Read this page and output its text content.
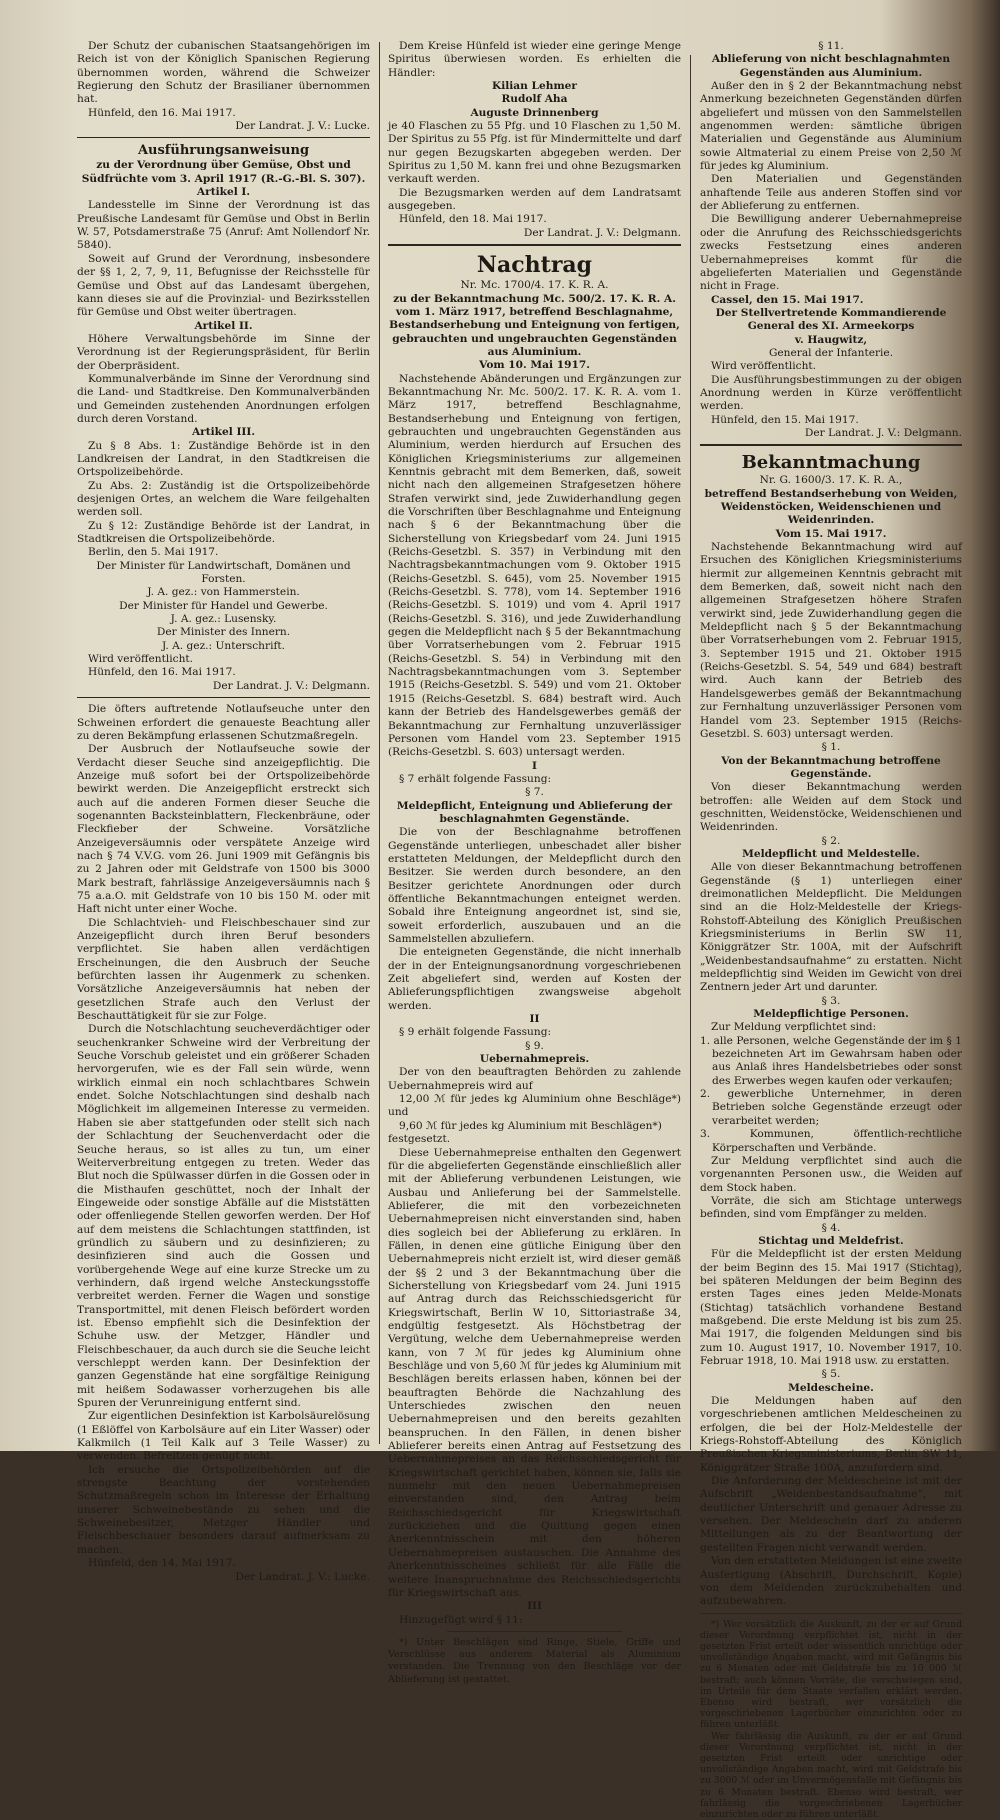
Der Schutz der cubanischen Staatsangehörigen im Reich ist von der Königlich Spanischen Regierung übernommen worden, während die Schweizer Regierung den Schutz der Brasilianer übernommen hat.

Hünfeld, den 16. Mai 1917.

Der Landrat. J. V.: Lucke.

Ausführungsanweisung

zu der Verordnung über Gemüse, Obst und Südfrüchte vom 3. April 1917 (R.-G.-Bl. S. 307).

Artikel I.

Landesstelle im Sinne der Verordnung ist das Preußische Landesamt für Gemüse und Obst in Berlin W. 57, Potsdamerstraße 75 (Anruf: Amt Nollendorf Nr. 5840).

Soweit auf Grund der Verordnung, insbesondere der §§ 1, 2, 7, 9, 11, Befugnisse der Reichsstelle für Gemüse und Obst auf das Landesamt übergehen, kann dieses sie auf die Provinzial- und Bezirksstellen für Gemüse und Obst weiter übertragen.

Artikel II.

Höhere Verwaltungsbehörde im Sinne der Verordnung ist der Regierungspräsident, für Berlin der Oberpräsident.

Kommunalverbände im Sinne der Verordnung sind die Land- und Stadtkreise. Den Kommunalverbänden und Gemeinden zustehenden Anordnungen erfolgen durch deren Vorstand.

Artikel III.

Zu § 8 Abs. 1: Zuständige Behörde ist in den Landkreisen der Landrat, in den Stadtkreisen die Ortspolizeibehörde.

Zu Abs. 2: Zuständig ist die Ortspolizeibehörde desjenigen Ortes, an welchem die Ware feilgehalten werden soll.

Zu § 12: Zuständige Behörde ist der Landrat, in Stadtkreisen die Ortspolizeibehörde.

Berlin, den 5. Mai 1917.

Der Minister für Landwirtschaft, Domänen und Forsten.

J. A. gez.: von Hammerstein.

Der Minister für Handel und Gewerbe.

J. A. gez.: Lusensky.

Der Minister des Innern.

J. A. gez.: Unterschrift.

Wird veröffentlicht.

Hünfeld, den 16. Mai 1917.

Der Landrat. J. V.: Delgmann.

Die öfters auftretende Notlaufseuche unter den Schweinen erfordert die genaueste Beachtung aller zu deren Bekämpfung erlassenen Schutzmaßregeln.

Der Ausbruch der Notlaufseuche sowie der Verdacht dieser Seuche sind anzeigepflichtig. Die Anzeige muß sofort bei der Ortspolizeibehörde bewirkt werden. Die Anzeigepflicht erstreckt sich auch auf die anderen Formen dieser Seuche die sogenannten Backsteinblattern, Fleckenbräune, oder Fleckfieber der Schweine. Vorsätzliche Anzeigeversäumnis oder verspätete Anzeige wird nach § 74 V.V.G. vom 26. Juni 1909 mit Gefängnis bis zu 2 Jahren oder mit Geldstrafe von 1500 bis 3000 Mark bestraft, fahrlässige Anzeigeversäumnis nach § 75 a.a.O. mit Geldstrafe von 10 bis 150 M. oder mit Haft nicht unter einer Woche.

Die Schlachtvieh- und Fleischbeschauer sind zur Anzeigepflicht durch ihren Beruf besonders verpflichtet. Sie haben allen verdächtigen Erscheinungen, die den Ausbruch der Seuche befürchten lassen ihr Augenmerk zu schenken. Vorsätzliche Anzeigeversäumnis hat neben der gesetzlichen Strafe auch den Verlust der Beschauttätigkeit für sie zur Folge.

Durch die Notschlachtung seucheverdächtiger oder seuchenkranker Schweine wird der Verbreitung der Seuche Vorschub geleistet und ein größerer Schaden hervorgerufen, wie es der Fall sein würde, wenn wirklich einmal ein noch schlachtbares Schwein endet. Solche Notschlachtungen sind deshalb nach Möglichkeit im allgemeinen Interesse zu vermeiden. Haben sie aber stattgefunden oder stellt sich nach der Schlachtung der Seuchenverdacht oder die Seuche heraus, so ist alles zu tun, um einer Weiterverbreitung entgegen zu treten. Weder das Blut noch die Spülwasser dürfen in die Gossen oder in die Misthaufen geschüttet, noch der Inhalt der Eingeweide oder sonstige Abfälle auf die Miststätten oder offenliegende Stellen geworfen werden. Der Hof auf dem meistens die Schlachtungen stattfinden, ist gründlich zu säubern und zu desinfizieren; zu desinfizieren sind auch die Gossen und vorübergehende Wege auf eine kurze Strecke um zu verhindern, daß irgend welche Ansteckungsstoffe verbreitet werden. Ferner die Wagen und sonstige Transportmittel, mit denen Fleisch befördert worden ist. Ebenso empfiehlt sich die Desinfektion der Schuhe usw. der Metzger, Händler und Fleischbeschauer, da auch durch sie die Seuche leicht verschleppt werden kann. Der Desinfektion der ganzen Gegenstände hat eine sorgfältige Reinigung mit heißem Sodawasser vorherzugehen bis alle Spuren der Verunreinigung entfernt sind.

Zur eigentlichen Desinfektion ist Karbolsäurelösung (1 Eßlöffel von Karbolsäure auf ein Liter Wasser) oder Kalkmilch (1 Teil Kalk auf 3 Teile Wasser) zu verwenden. Befreitzen genügt nicht.

Ich ersuche die Ortspolizeibehörden auf die strengste Beachtung der vorstehenden Schutzmaßregeln schon im Interesse der Erhaltung unserer Schweinebestände zu sehen und die Schweinebesitzer, Metzger Händler und Fleischbeschauer besonders darauf aufmerksam zu machen.

Hünfeld, den 14. Mai 1917.

Der Landrat. J. V.: Lucke.

Dem Kreise Hünfeld ist wieder eine geringe Menge Spiritus überwiesen worden. Es erhielten die Händler:

Kilian Lehmer

Rudolf Aha

Auguste Drinnenberg

je 40 Flaschen zu 55 Pfg. und 10 Flaschen zu 1,50 M. Der Spiritus zu 55 Pfg. ist für Mindermittelte und darf nur gegen Bezugskarten abgegeben werden. Der Spiritus zu 1,50 M. kann frei und ohne Bezugsmarken verkauft werden.

Die Bezugsmarken werden auf dem Landratsamt ausgegeben.

Hünfeld, den 18. Mai 1917.

Der Landrat. J. V.: Delgmann.

Nachtrag

Nr. Mc. 1700/4. 17. K. R. A.

zu der Bekanntmachung Mc. 500/2. 17. K. R. A. vom 1. März 1917, betreffend Beschlagnahme, Bestandserhebung und Enteignung von fertigen, gebrauchten und ungebrauchten Gegenständen aus Aluminium.

Vom 10. Mai 1917.

Nachstehende Abänderungen und Ergänzungen zur Bekanntmachung Nr. Mc. 500/2. 17. K. R. A. vom 1. März 1917, betreffend Beschlagnahme, Bestandserhebung und Enteignung von fertigen, gebrauchten und ungebrauchten Gegenständen aus Aluminium, werden hierdurch auf Ersuchen des Königlichen Kriegsministeriums zur allgemeinen Kenntnis gebracht mit dem Bemerken, daß, soweit nicht nach den allgemeinen Strafgesetzen höhere Strafen verwirkt sind, jede Zuwiderhandlung gegen die Vorschriften über Beschlagnahme und Enteignung nach § 6 der Bekanntmachung über die Sicherstellung von Kriegsbedarf vom 24. Juni 1915 (Reichs-Gesetzbl. S. 357) in Verbindung mit den Nachtragsbekanntmachungen vom 9. Oktober 1915 (Reichs-Gesetzbl. S. 645), vom 25. November 1915 (Reichs-Gesetzbl. S. 778), vom 14. September 1916 (Reichs-Gesetzbl. S. 1019) und vom 4. April 1917 (Reichs-Gesetzbl. S. 316), und jede Zuwiderhandlung gegen die Meldepflicht nach § 5 der Bekanntmachung über Vorratserhebungen vom 2. Februar 1915 (Reichs-Gesetzbl. S. 54) in Verbindung mit den Nachtragsbekanntmachungen vom 3. September 1915 (Reichs-Gesetzbl. S. 549) und vom 21. Oktober 1915 (Reichs-Gesetzbl. S. 684) bestraft wird. Auch kann der Betrieb des Handelsgewerbes gemäß der Bekanntmachung zur Fernhaltung unzuverlässiger Personen vom Handel vom 23. September 1915 (Reichs-Gesetzbl. S. 603) untersagt werden.

I

§ 7 erhält folgende Fassung:

§ 7.

Meldepflicht, Enteignung und Ablieferung der beschlagnahmten Gegenstände.

Die von der Beschlagnahme betroffenen Gegenstände unterliegen, unbeschadet aller bisher erstatteten Meldungen, der Meldepflicht durch den Besitzer. Sie werden durch besondere, an den Besitzer gerichtete Anordnungen oder durch öffentliche Bekanntmachungen enteignet werden. Sobald ihre Enteignung angeordnet ist, sind sie, soweit erforderlich, auszubauen und an die Sammelstellen abzuliefern.

Die enteigneten Gegenstände, die nicht innerhalb der in der Enteignungsanordnung vorgeschriebenen Zeit abgeliefert sind, werden auf Kosten der Ablieferungspflichtigen zwangsweise abgeholt werden.

II

§ 9 erhält folgende Fassung:

§ 9.

Uebernahmepreis.

Der von den beauftragten Behörden zu zahlende Uebernahmepreis wird auf

12,00 ℳ für jedes kg Aluminium ohne Beschläge*) und

9,60 ℳ für jedes kg Aluminium mit Beschlägen*)

festgesetzt.

Diese Uebernahmepreise enthalten den Gegenwert für die abgelieferten Gegenstände einschließlich aller mit der Ablieferung verbundenen Leistungen, wie Ausbau und Anlieferung bei der Sammelstelle. Ablieferer, die mit den vorbezeichneten Uebernahmepreisen nicht einverstanden sind, haben dies sogleich bei der Ablieferung zu erklären. In Fällen, in denen eine gütliche Einigung über den Uebernahmepreis nicht erzielt ist, wird dieser gemäß der §§ 2 und 3 der Bekanntmachung über die Sicherstellung von Kriegsbedarf vom 24. Juni 1915 auf Antrag durch das Reichsschiedsgericht für Kriegswirtschaft, Berlin W 10, Sittoriastraße 34, endgültig festgesetzt. Als Höchstbetrag der Vergütung, welche dem Uebernahmepreise werden kann, von 7 ℳ für jedes kg Aluminium ohne Beschläge und von 5,60 ℳ für jedes kg Aluminium mit Beschlägen bereits erlassen haben, können bei der beauftragten Behörde die Nachzahlung des Unterschiedes zwischen den neuen Uebernahmepreisen und den bereits gezahlten beanspruchen. In den Fällen, in denen bisher Ablieferer bereits einen Antrag auf Festsetzung des Uebernahmepreises an das Reichsschiedsgericht für Kriegswirtschaft gerichtet haben, können sie, falls sie nunmehr mit den neuen Uebernahmepreisen einverstanden sind, den Antrag beim Reichsschiedsgericht für Kriegswirtschaft zurückziehen und die Quittung gegen einen Anerkenntnisschein mit den höheren Uebernahmepreisen austauschen. Die Annahme des Anerkenntnisscheines schließt für alle Fälle die weitere Inanspruchnahme des Reichsschiedsgerichts für Kriegswirtschaft aus.

III

Hinzugefügt wird § 11:

*) Unter Beschlägen sind Ringe, Stiele, Griffe und Verschlüsse aus anderem Material als Aluminium verstanden. Die Trennung von den Beschläge vor der Ablieferung ist gestattet.

§ 11.

Ablieferung von nicht beschlagnahmten Gegenständen aus Aluminium.

Außer den in § 2 der Bekanntmachung nebst Anmerkung bezeichneten Gegenständen dürfen abgeliefert und müssen von den Sammelstellen angenommen werden: sämtliche übrigen Materialien und Gegenstände aus Aluminium sowie Altmaterial zu einem Preise von 2,50 ℳ für jedes kg Aluminium.

Den Materialien und Gegenständen anhaftende Teile aus anderen Stoffen sind vor der Ablieferung zu entfernen.

Die Bewilligung anderer Uebernahmepreise oder die Anrufung des Reichsschiedsgerichts zwecks Festsetzung eines anderen Uebernahmepreises kommt für die abgelieferten Materialien und Gegenstände nicht in Frage.

Cassel, den 15. Mai 1917.

Der Stellvertretende Kommandierende General des XI. Armeekorps

v. Haugwitz,

General der Infanterie.

Wird veröffentlicht.

Die Ausführungsbestimmungen zu der obigen Anordnung werden in Kürze veröffentlicht werden.

Hünfeld, den 15. Mai 1917.

Der Landrat. J. V.: Delgmann.

Bekanntmachung

Nr. G. 1600/3. 17. K. R. A.,

betreffend Bestandserhebung von Weiden, Weidenstöcken, Weidenschienen und Weidenrinden.

Vom 15. Mai 1917.

Nachstehende Bekanntmachung wird auf Ersuchen des Königlichen Kriegsministeriums hiermit zur allgemeinen Kenntnis gebracht mit dem Bemerken, daß, soweit nicht nach den allgemeinen Strafgesetzen höhere Strafen verwirkt sind, jede Zuwiderhandlung gegen die Meldepflicht nach § 5 der Bekanntmachung über Vorratserhebungen vom 2. Februar 1915, 3. September 1915 und 21. Oktober 1915 (Reichs-Gesetzbl. S. 54, 549 und 684) bestraft wird. Auch kann der Betrieb des Handelsgewerbes gemäß der Bekanntmachung zur Fernhaltung unzuverlässiger Personen vom Handel vom 23. September 1915 (Reichs-Gesetzbl. S. 603) untersagt werden.

§ 1.

Von der Bekanntmachung betroffene Gegenstände.

Von dieser Bekanntmachung werden betroffen: alle Weiden auf dem Stock und geschnitten, Weidenstöcke, Weidenschienen und Weidenrinden.

§ 2.

Meldepflicht und Meldestelle.

Alle von dieser Bekanntmachung betroffenen Gegenstände (§ 1) unterliegen einer dreimonatlichen Meldepflicht. Die Meldungen sind an die Holz-Meldestelle der Kriegs-Rohstoff-Abteilung des Königlich Preußischen Kriegsministeriums in Berlin SW 11, Königgrätzer Str. 100A, mit der Aufschrift „Weidenbestandsaufnahme“ zu erstatten. Nicht meldepflichtig sind Weiden im Gewicht von drei Zentnern jeder Art und darunter.

§ 3.

Meldepflichtige Personen.

Zur Meldung verpflichtet sind:

1. alle Personen, welche Gegenstände der im § 1 bezeichneten Art im Gewahrsam haben oder aus Anlaß ihres Handelsbetriebes oder sonst des Erwerbes wegen kaufen oder verkaufen;

2. gewerbliche Unternehmer, in deren Betrieben solche Gegenstände erzeugt oder verarbeitet werden;

3. Kommunen, öffentlich-rechtliche Körperschaften und Verbände.

Zur Meldung verpflichtet sind auch die vorgenannten Personen usw., die Weiden auf dem Stock haben.

Vorräte, die sich am Stichtage unterwegs befinden, sind vom Empfänger zu melden.

§ 4.

Stichtag und Meldefrist.

Für die Meldepflicht ist der ersten Meldung der beim Beginn des 15. Mai 1917 (Stichtag), bei späteren Meldungen der beim Beginn des ersten Tages eines jeden Melde-Monats (Stichtag) tatsächlich vorhandene Bestand maßgebend. Die erste Meldung ist bis zum 25. Mai 1917, die folgenden Meldungen sind bis zum 10. August 1917, 10. November 1917, 10. Februar 1918, 10. Mai 1918 usw. zu erstatten.

§ 5.

Meldescheine.

Die Meldungen haben auf den vorgeschriebenen amtlichen Meldescheinen zu erfolgen, die bei der Holz-Meldestelle der Kriegs-Rohstoff-Abteilung des Königlich Preußischen Kriegsministeriums, Berlin SW 11, Königgrätzer Straße 100A, anzufordern sind.

Die Anforderung der Meldescheine ist mit der Aufschrift „Weidenbestandsaufnahme“, mit deutlicher Unterschrift und genauer Adresse zu versehen. Der Meldeschein darf zu anderen Mitteilungen als zu der Beantwortung der gestellten Fragen nicht verwandt werden.

Von den erstatteten Meldungen ist eine zweite Ausfertigung (Abschrift, Durchschrift, Kopie) von dem Meldenden zurückzubehalten und aufzubewahren.

*) Wer vorsätzlich die Auskunft, zu der er auf Grund dieser Verordnung verpflichtet ist, nicht in der gesetzten Frist erteilt oder wissentlich unrichtige oder unvollständige Angaben macht, wird mit Gefängnis bis zu 6 Monaten oder mit Geldstrafe bis zu 10 000 ℳ bestraft; auch können Vorräte, die verschwiegen sind, im Urteile für dem Staate verfallen erklärt werden. Ebenso wird bestraft, wer vorsätzlich die vorgeschriebenen Lagerbücher einzurichten oder zu führen unterläßt.

Wer fahrlässig die Auskunft, zu der er auf Grund dieser Verordnung verpflichtet ist, nicht in der gesetzten Frist erteilt oder unrichtige oder unvollständige Angaben macht, wird mit Geldstrafe bis zu 3000 ℳ oder im Unvermögensfalle mit Gefängnis bis zu 6 Monaten bestraft. Ebenso wird bestraft, wer fahrlässig die vorgeschriebenen Lagerbücher einzurichten oder zu führen unterläßt.
